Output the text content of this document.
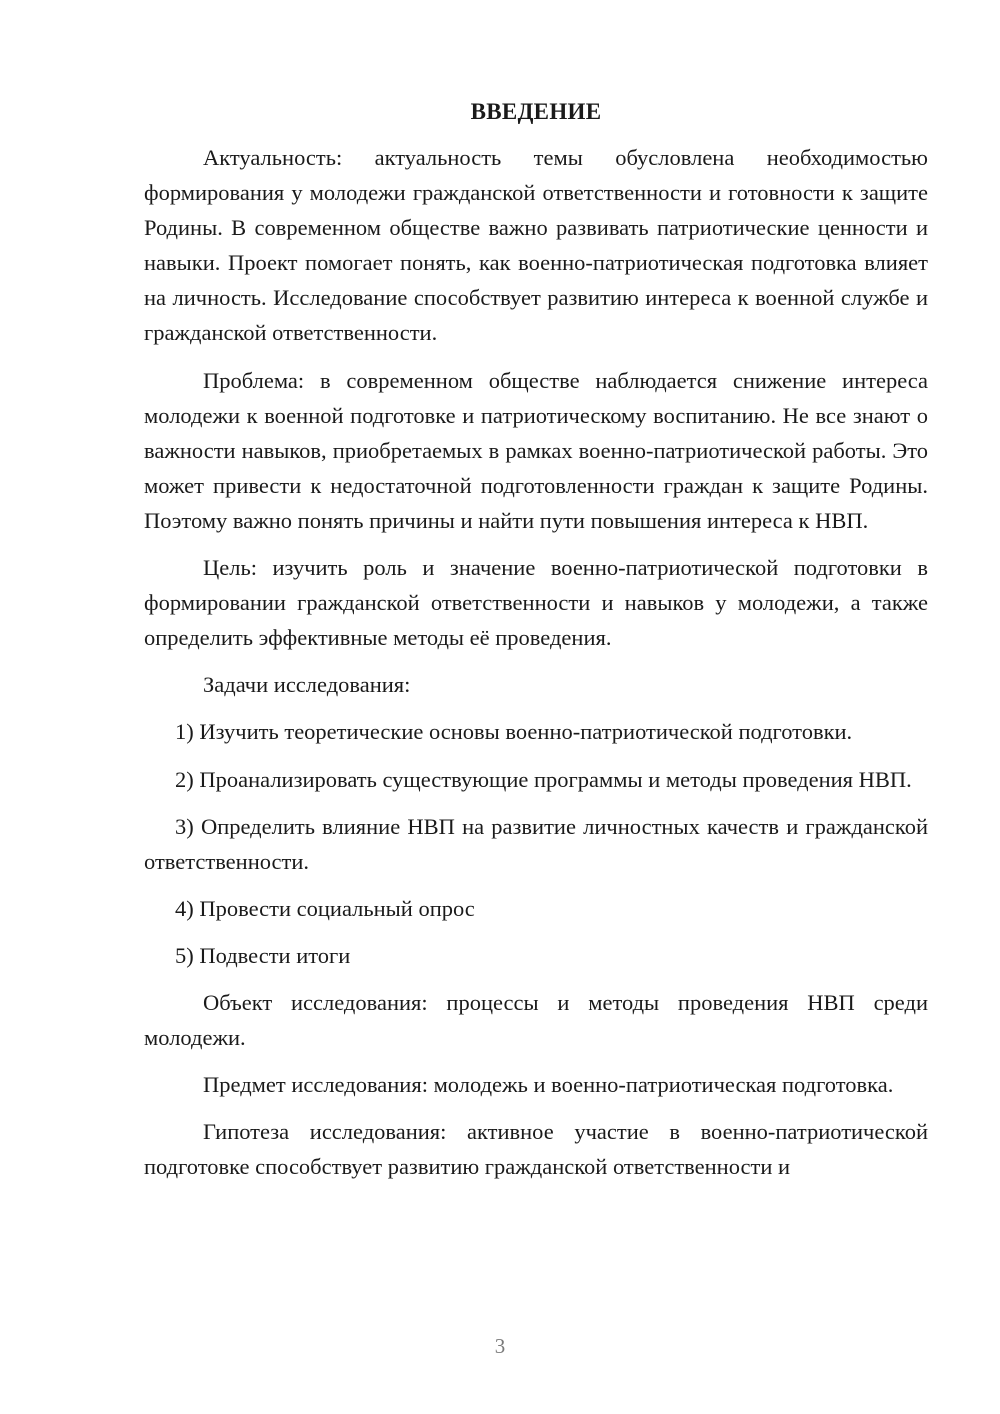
ВВЕДЕНИЕ

Актуальность: актуальность темы обусловлена необходимостью формирования у молодежи гражданской ответственности и готовности к защите Родины. В современном обществе важно развивать патриотические ценности и навыки. Проект помогает понять, как военно-патриотическая подготовка влияет на личность. Исследование способствует развитию интереса к военной службе и гражданской ответственности.

Проблема: в современном обществе наблюдается снижение интереса молодежи к военной подготовке и патриотическому воспитанию. Не все знают о важности навыков, приобретаемых в рамках военно-патриотической работы. Это может привести к недостаточной подготовленности граждан к защите Родины. Поэтому важно понять причины и найти пути повышения интереса к НВП.

Цель: изучить роль и значение военно-патриотической подготовки в формировании гражданской ответственности и навыков у молодежи, а также определить эффективные методы её проведения.

Задачи исследования:

1) Изучить теоретические основы военно-патриотической подготовки.

2) Проанализировать существующие программы и методы проведения НВП.

3) Определить влияние НВП на развитие личностных качеств и гражданской ответственности.

4) Провести социальный опрос

5) Подвести итоги

Объект исследования: процессы и методы проведения НВП среди молодежи.

Предмет исследования: молодежь и военно-патриотическая подготовка.

Гипотеза исследования: активное участие в военно-патриотической подготовке способствует развитию гражданской ответственности и

3
